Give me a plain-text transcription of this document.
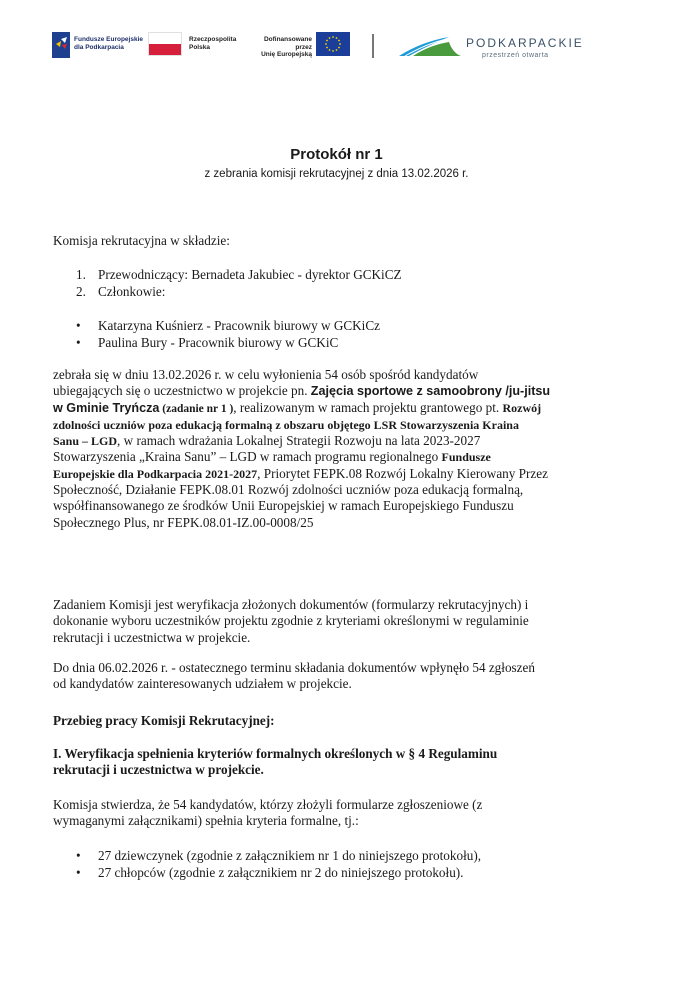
Fundusze Europejskie
dla Podkarpacia
Rzeczpospolita
Polska
Dofinansowane przez
Unię Europejską
PODKARPACKIE
przestrzeń otwarta
Protokół nr 1
z zebrania komisji rekrutacyjnej z dnia 13.02.2026 r.
Komisja rekrutacyjna w składzie:
1. Przewodniczący: Bernadeta Jakubiec - dyrektor GCKiCZ
2. Członkowie:
• Katarzyna Kuśnierz - Pracownik biurowy w GCKiCz
• Paulina Bury - Pracownik biurowy w GCKiC
zebrała się w dniu 13.02.2026 r. w celu wyłonienia 54 osób spośród kandydatów
ubiegających się o uczestnictwo w projekcie pn. Zajęcia sportowe z samoobrony /ju-jitsu
w Gminie Tryńcza (zadanie nr 1 ), realizowanym w ramach projektu grantowego pt. Rozwój
zdolności uczniów poza edukacją formalną z obszaru objętego LSR Stowarzyszenia Kraina
Sanu – LGD, w ramach wdrażania Lokalnej Strategii Rozwoju na lata 2023-2027
Stowarzyszenia „Kraina Sanu” – LGD w ramach programu regionalnego Fundusze
Europejskie dla Podkarpacia 2021-2027, Priorytet FEPK.08 Rozwój Lokalny Kierowany Przez
Społeczność, Działanie FEPK.08.01 Rozwój zdolności uczniów poza edukacją formalną,
współfinansowanego ze środków Unii Europejskiej w ramach Europejskiego Funduszu
Społecznego Plus, nr FEPK.08.01-IZ.00-0008/25
Zadaniem Komisji jest weryfikacja złożonych dokumentów (formularzy rekrutacyjnych) i
dokonanie wyboru uczestników projektu zgodnie z kryteriami określonymi w regulaminie
rekrutacji i uczestnictwa w projekcie.
Do dnia 06.02.2026 r. - ostatecznego terminu składania dokumentów wpłynęło 54 zgłoszeń
od kandydatów zainteresowanych udziałem w projekcie.
Przebieg pracy Komisji Rekrutacyjnej:
I. Weryfikacja spełnienia kryteriów formalnych określonych w § 4 Regulaminu
rekrutacji i uczestnictwa w projekcie.
Komisja stwierdza, że 54 kandydatów, którzy złożyli formularze zgłoszeniowe (z
wymaganymi załącznikami) spełnia kryteria formalne, tj.:
• 27 dziewczynek (zgodnie z załącznikiem nr 1 do niniejszego protokołu),
• 27 chłopców (zgodnie z załącznikiem nr 2 do niniejszego protokołu).
